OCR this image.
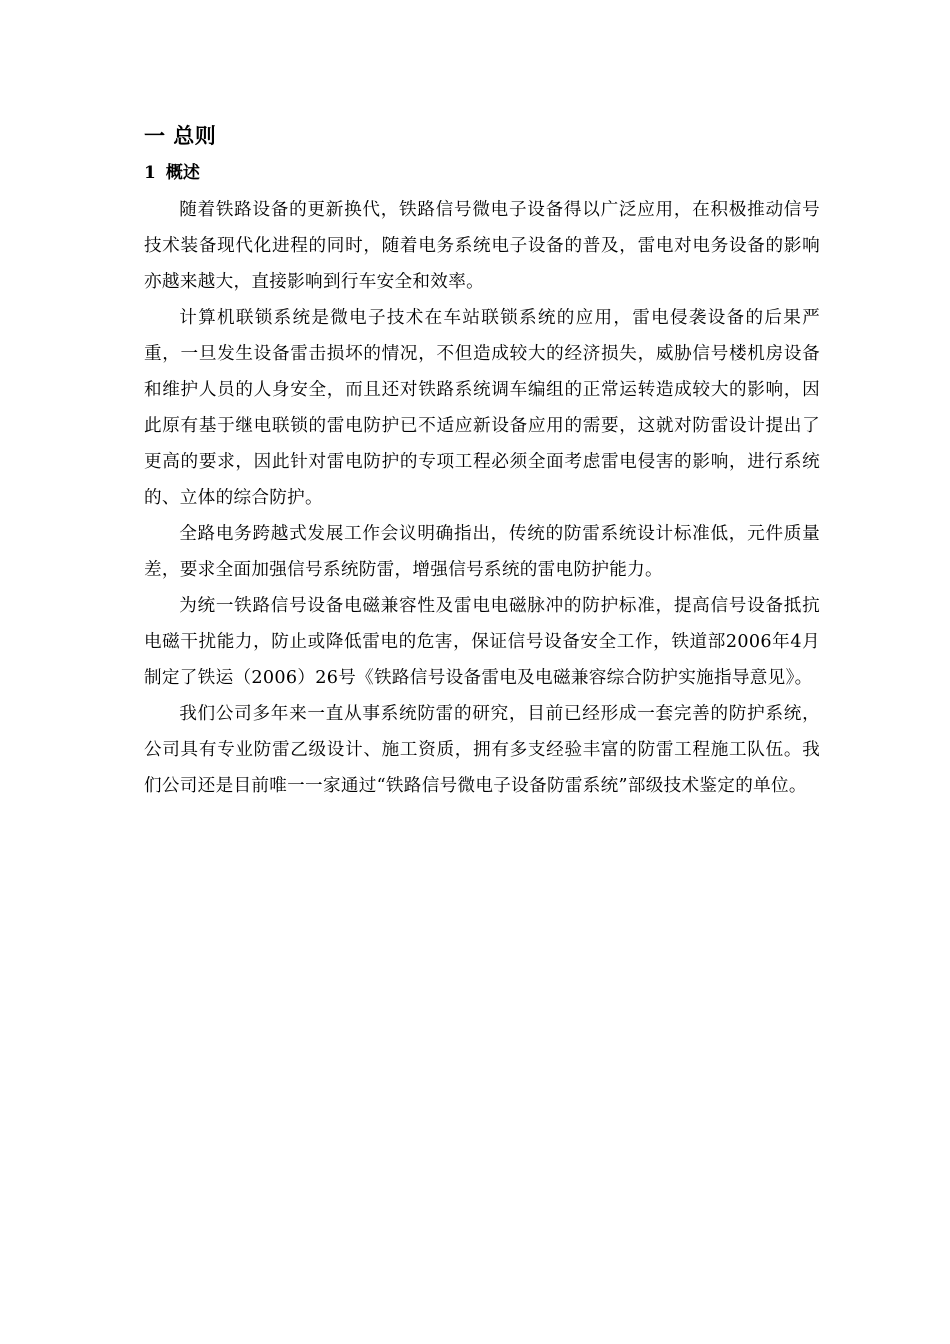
一 总则
1 概述

随着铁路设备的更新换代，铁路信号微电子设备得以广泛应用，在积极推动信号技术装备现代化进程的同时，随着电务系统电子设备的普及，雷电对电务设备的影响亦越来越大，直接影响到行车安全和效率。

计算机联锁系统是微电子技术在车站联锁系统的应用，雷电侵袭设备的后果严重，一旦发生设备雷击损坏的情况，不但造成较大的经济损失，威胁信号楼机房设备和维护人员的人身安全，而且还对铁路系统调车编组的正常运转造成较大的影响，因此原有基于继电联锁的雷电防护已不适应新设备应用的需要，这就对防雷设计提出了更高的要求，因此针对雷电防护的专项工程必须全面考虑雷电侵害的影响，进行系统的、立体的综合防护。

全路电务跨越式发展工作会议明确指出，传统的防雷系统设计标准低，元件质量差，要求全面加强信号系统防雷，增强信号系统的雷电防护能力。

为统一铁路信号设备电磁兼容性及雷电电磁脉冲的防护标准，提高信号设备抵抗电磁干扰能力，防止或降低雷电的危害，保证信号设备安全工作，铁道部2006年4月制定了铁运（2006）26号《铁路信号设备雷电及电磁兼容综合防护实施指导意见》。

我们公司多年来一直从事系统防雷的研究，目前已经形成一套完善的防护系统，公司具有专业防雷乙级设计、施工资质，拥有多支经验丰富的防雷工程施工队伍。我们公司还是目前唯一一家通过“铁路信号微电子设备防雷系统”部级技术鉴定的单位。
